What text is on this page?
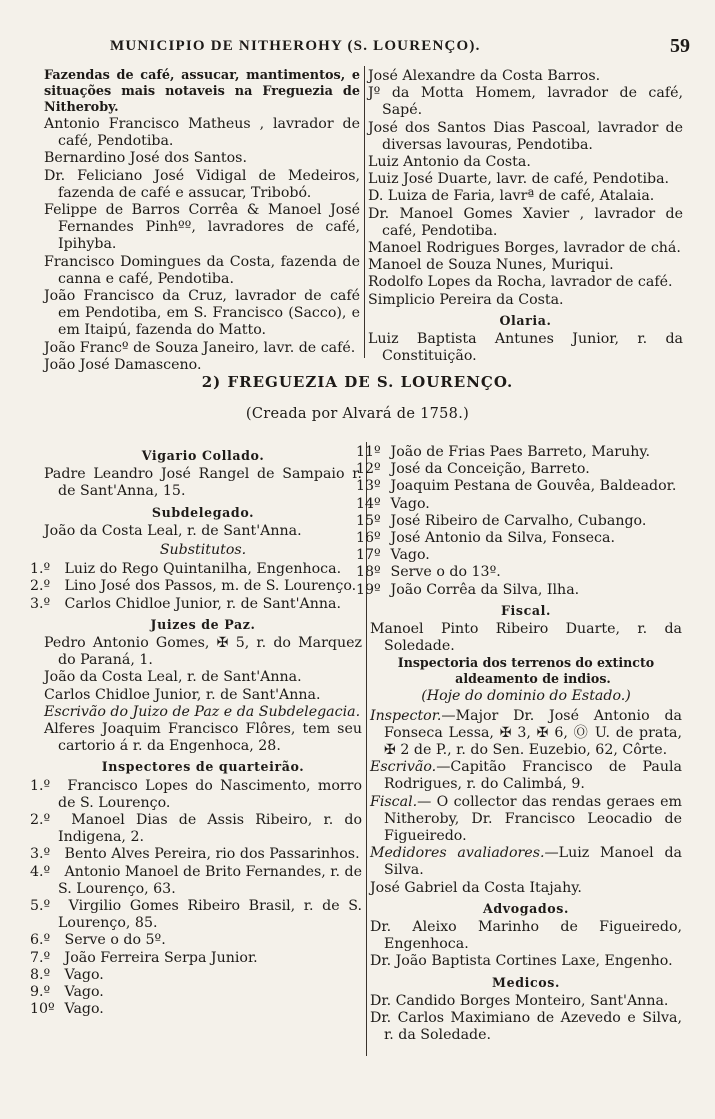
MUNICIPIO DE NITHEROHY (S. LOURENÇO).	59

Fazendas de café, assucar, mantimentos, e situações mais notaveis na Freguezia de Nitheroby.

Antonio Francisco Matheus , lavrador de café, Pendotiba.

Bernardino José dos Santos.

Dr. Feliciano José Vidigal de Medeiros, fazenda de café e assucar, Tribobó.

Felippe de Barros Corrêa & Manoel José Fernandes Pinhºº, lavradores de café, Ipihyba.

Francisco Domingues da Costa, fazenda de canna e café, Pendotiba.

João Francisco da Cruz, lavrador de café em Pendotiba, em S. Francisco (Sacco), e em Itaipú, fazenda do Matto.

João Francº de Souza Janeiro, lavr. de café.

João José Damasceno.

José Alexandre da Costa Barros.

Jº da Motta Homem, lavrador de café, Sapé.

José dos Santos Dias Pascoal, lavrador de diversas lavouras, Pendotiba.

Luiz Antonio da Costa.

Luiz José Duarte, lavr. de café, Pendotiba.

D. Luiza de Faria, lavrª de café, Atalaia.

Dr. Manoel Gomes Xavier , lavrador de café, Pendotiba.

Manoel Rodrigues Borges, lavrador de chá.

Manoel de Souza Nunes, Muriqui.

Rodolfo Lopes da Rocha, lavrador de café.

Simplicio Pereira da Costa.

Olaria.

Luiz Baptista Antunes Junior, r. da Constituição.

2) FREGUEZIA DE S. LOURENÇO.
(Creada por Alvará de 1758.)
Vigario Collado.

Padre Leandro José Rangel de Sampaio r. de Sant'Anna, 15.

Subdelegado.

João da Costa Leal, r. de Sant'Anna.

Substitutos.

1.º Luiz do Rego Quintanilha, Engenhoca.

2.º Lino José dos Passos, m. de S. Lourenço.

3.º Carlos Chidloe Junior, r. de Sant'Anna.

Juizes de Paz.

Pedro Antonio Gomes, ✠ 5, r. do Marquez do Paraná, 1.

João da Costa Leal, r. de Sant'Anna.

Carlos Chidloe Junior, r. de Sant'Anna.

Escrivão do Juizo de Paz e da Subdelegacia.

Alferes Joaquim Francisco Flôres, tem seu cartorio á r. da Engenhoca, 28.

Inspectores de quarteirão.

1.º Francisco Lopes do Nascimento, morro de S. Lourenço.

2.º Manoel Dias de Assis Ribeiro, r. do Indigena, 2.

3.º Bento Alves Pereira, rio dos Passarinhos.

4.º Antonio Manoel de Brito Fernandes, r. de S. Lourenço, 63.

5.º Virgilio Gomes Ribeiro Brasil, r. de S. Lourenço, 85.

6.º Serve o do 5º.

7.º João Ferreira Serpa Junior.

8.º Vago.

9.º Vago.

10º Vago.

11º João de Frias Paes Barreto, Maruhy.

12º José da Conceição, Barreto.

13º Joaquim Pestana de Gouvêa, Baldeador.

14º Vago.

15º José Ribeiro de Carvalho, Cubango.

16º José Antonio da Silva, Fonseca.

17º Vago.

18º Serve o do 13º.

19º João Corrêa da Silva, Ilha.

Fiscal.

Manoel Pinto Ribeiro Duarte, r. da Soledade.

Inspectoria dos terrenos do extincto aldeamento de indios.

(Hoje do dominio do Estado.)

Inspector.—Major Dr. José Antonio da Fonseca Lessa, ✠ 3, ✠ 6, Ⓞ U. de prata, ✠ 2 de P., r. do Sen. Euzebio, 62, Côrte.

Escrivão.—Capitão Francisco de Paula Rodrigues, r. do Calimbá, 9.

Fiscal.— O collector das rendas geraes em Nitheroby, Dr. Francisco Leocadio de Figueiredo.

Medidores avaliadores.—Luiz Manoel da Silva.

José Gabriel da Costa Itajahy.

Advogados.

Dr. Aleixo Marinho de Figueiredo, Engenhoca.

Dr. João Baptista Cortines Laxe, Engenho.

Medicos.

Dr. Candido Borges Monteiro, Sant'Anna.

Dr. Carlos Maximiano de Azevedo e Silva, r. da Soledade.
